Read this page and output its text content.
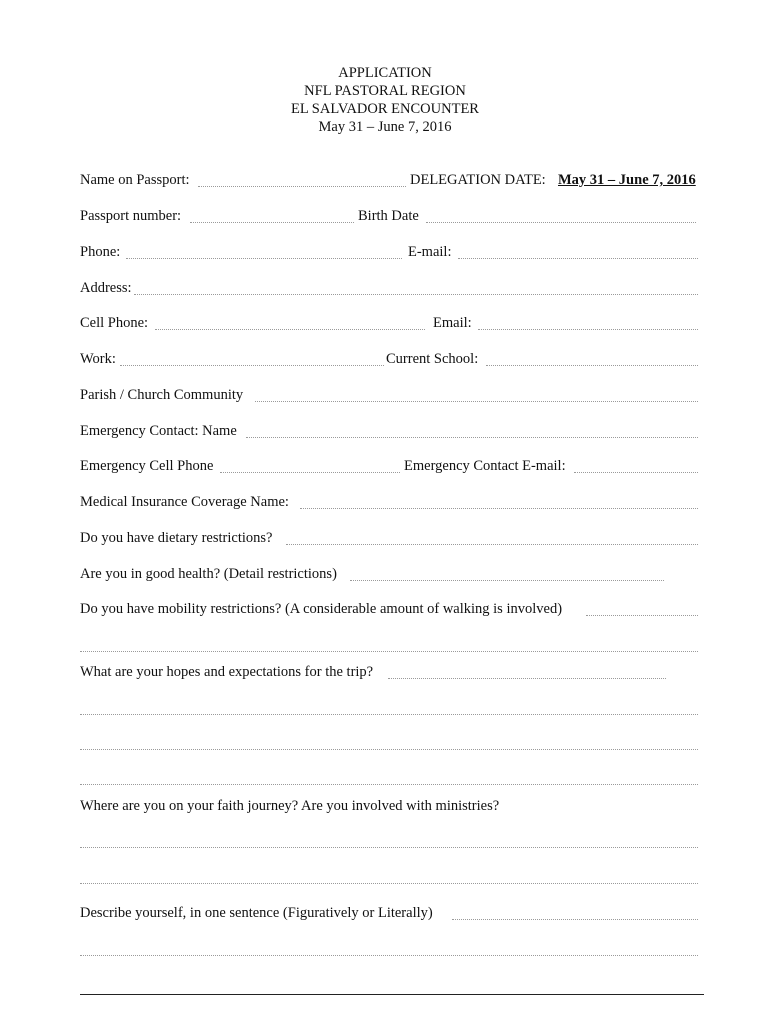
APPLICATION
NFL PASTORAL REGION
EL SALVADOR ENCOUNTER
May 31 – June 7, 2016
Name on Passport:	DELEGATION DATE: May 31 – June 7, 2016
Passport number:	Birth Date
Phone:	E-mail:
Address:
Cell Phone:	Email:
Work:	Current School:
Parish / Church Community
Emergency Contact: Name
Emergency Cell Phone	Emergency Contact E-mail:
Medical Insurance Coverage Name:
Do you have dietary restrictions?
Are you in good health? (Detail restrictions)
Do you have mobility restrictions? (A considerable amount of walking is involved)
What are your hopes and expectations for the trip?
Where are you on your faith journey? Are you involved with ministries?
Describe yourself, in one sentence (Figuratively or Literally)
